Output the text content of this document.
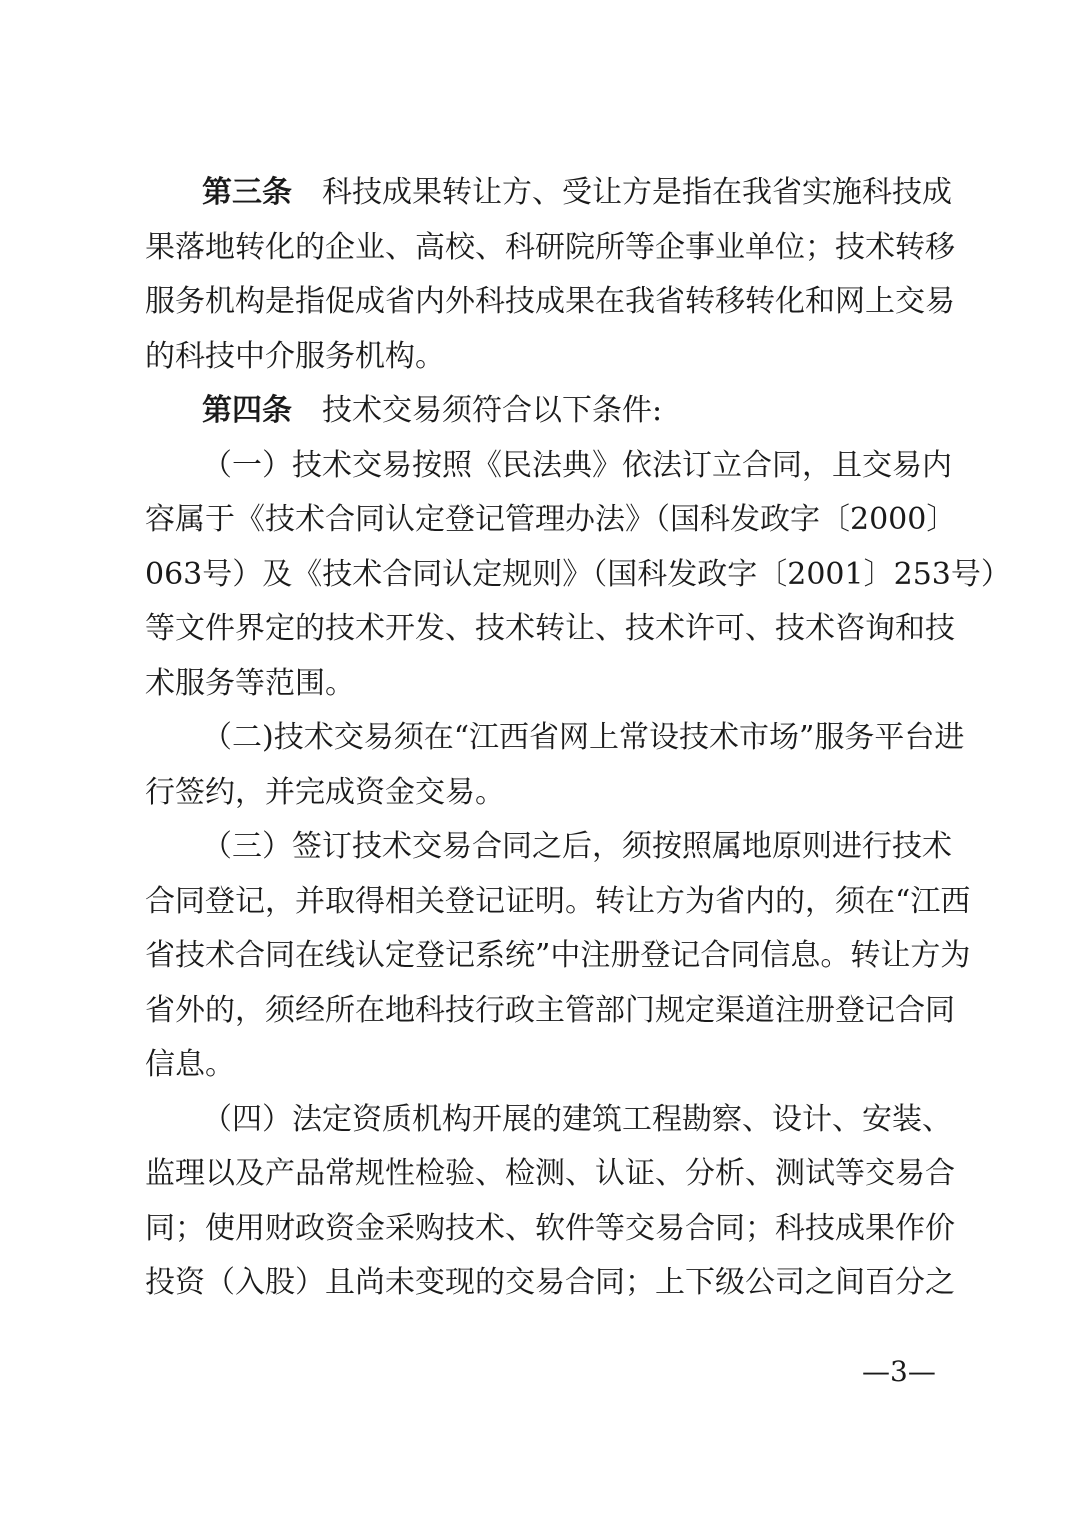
第三条 科技成果转让方、受让方是指在我省实施科技成
果落地转化的企业、高校、科研院所等企事业单位；技术转移
服务机构是指促成省内外科技成果在我省转移转化和网上交易
的科技中介服务机构。
第四条 技术交易须符合以下条件:
（一）技术交易按照《民法典》依法订立合同，且交易内
容属于《技术合同认定登记管理办法》（国科发政字〔2000〕
063号）及《技术合同认定规则》（国科发政字〔2001〕253号）
等文件界定的技术开发、技术转让、技术许可、技术咨询和技
术服务等范围。
（二)技术交易须在“江西省网上常设技术市场”服务平台进
行签约，并完成资金交易。
（三）签订技术交易合同之后，须按照属地原则进行技术
合同登记，并取得相关登记证明。转让方为省内的，须在“江西
省技术合同在线认定登记系统”中注册登记合同信息。转让方为
省外的，须经所在地科技行政主管部门规定渠道注册登记合同
信息。
（四）法定资质机构开展的建筑工程勘察、设计、安装、
监理以及产品常规性检验、检测、认证、分析、测试等交易合
同；使用财政资金采购技术、软件等交易合同；科技成果作价
投资（入股）且尚未变现的交易合同；上下级公司之间百分之
—3—
